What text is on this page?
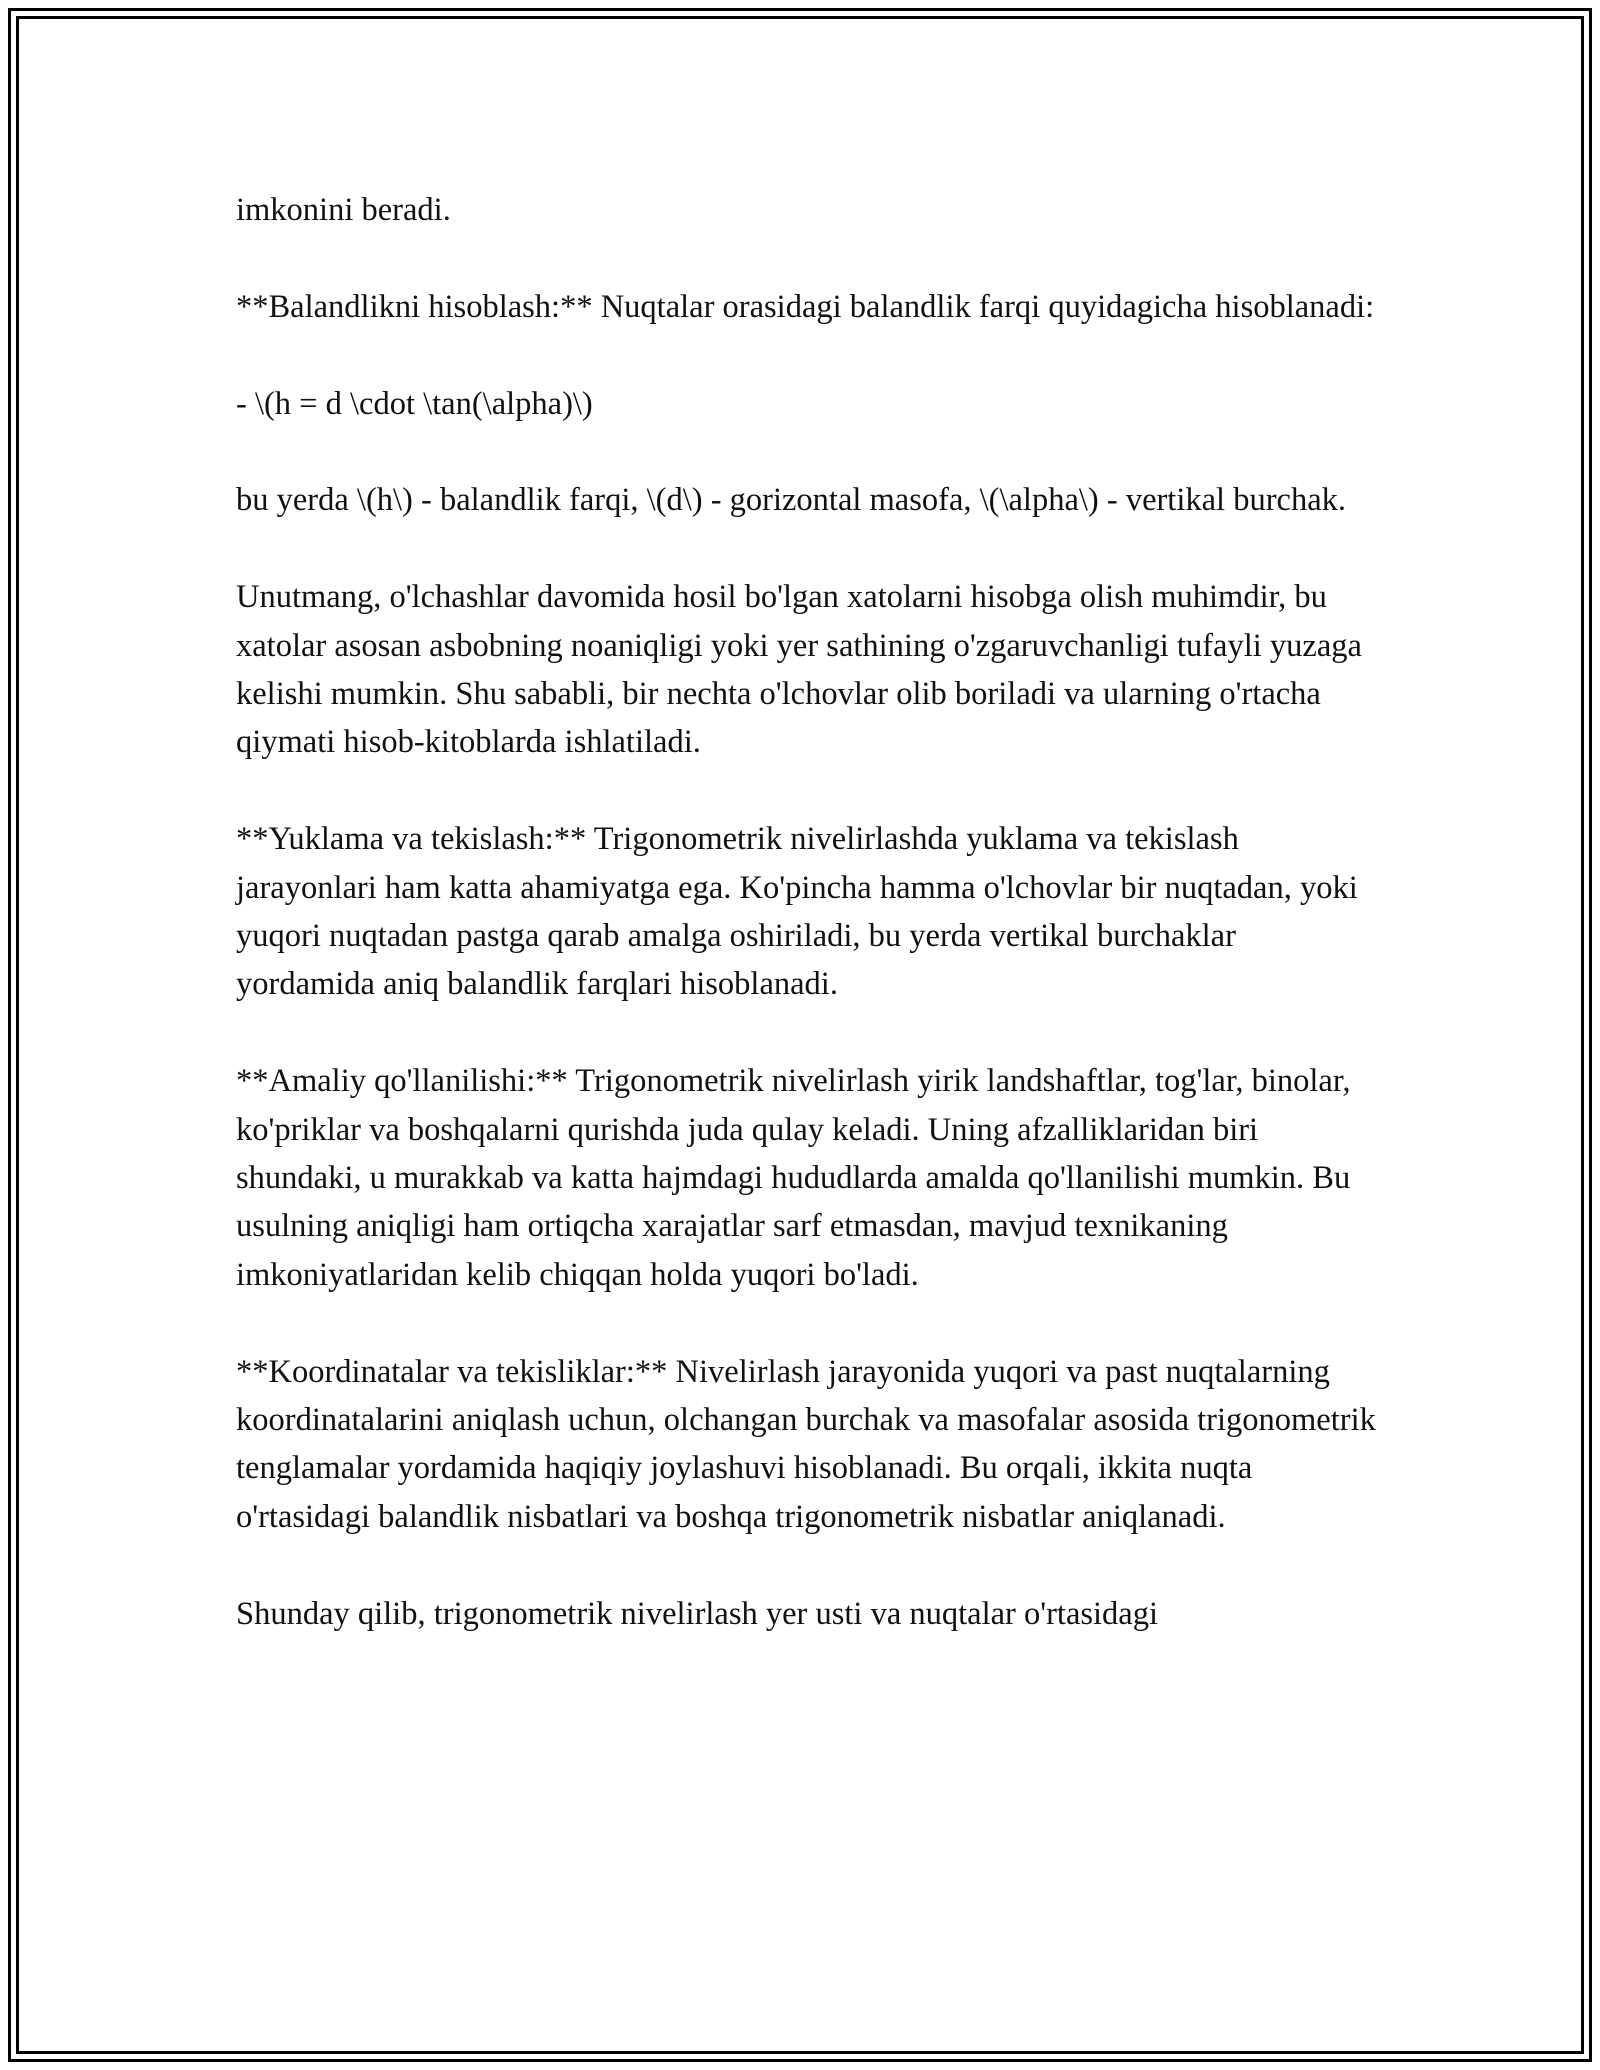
imkonini beradi.

**Balandlikni hisoblash:** Nuqtalar orasidagi balandlik farqi quyidagicha hisoblanadi:

- \(h = d \cdot \tan(\alpha)\)

bu yerda \(h\) - balandlik farqi, \(d\) - gorizontal masofa, \(\alpha\) - vertikal burchak.

Unutmang, o'lchashlar davomida hosil bo'lgan xatolarni hisobga olish muhimdir, bu xatolar asosan asbobning noaniqligi yoki yer sathining o'zgaruvchanligi tufayli yuzaga kelishi mumkin. Shu sababli, bir nechta o'lchovlar olib boriladi va ularning o'rtacha qiymati hisob-kitoblarda ishlatiladi.

**Yuklama va tekislash:** Trigonometrik nivelirlashda yuklama va tekislash jarayonlari ham katta ahamiyatga ega. Ko'pincha hamma o'lchovlar bir nuqtadan, yoki yuqori nuqtadan pastga qarab amalga oshiriladi, bu yerda vertikal burchaklar yordamida aniq balandlik farqlari hisoblanadi.

**Amaliy qo'llanilishi:** Trigonometrik nivelirlash yirik landshaftlar, tog'lar, binolar, ko'priklar va boshqalarni qurishda juda qulay keladi. Uning afzalliklaridan biri shundaki, u murakkab va katta hajmdagi hududlarda amalda qo'llanilishi mumkin. Bu usulning aniqligi ham ortiqcha xarajatlar sarf etmasdan, mavjud texnikaning imkoniyatlaridan kelib chiqqan holda yuqori bo'ladi.

**Koordinatalar va tekisliklar:** Nivelirlash jarayonida yuqori va past nuqtalarning koordinatalarini aniqlash uchun, olchangan burchak va masofalar asosida trigonometrik tenglamalar yordamida haqiqiy joylashuvi hisoblanadi. Bu orqali, ikkita nuqta o'rtasidagi balandlik nisbatlari va boshqa trigonometrik nisbatlar aniqlanadi.

Shunday qilib, trigonometrik nivelirlash yer usti va nuqtalar o'rtasidagi
